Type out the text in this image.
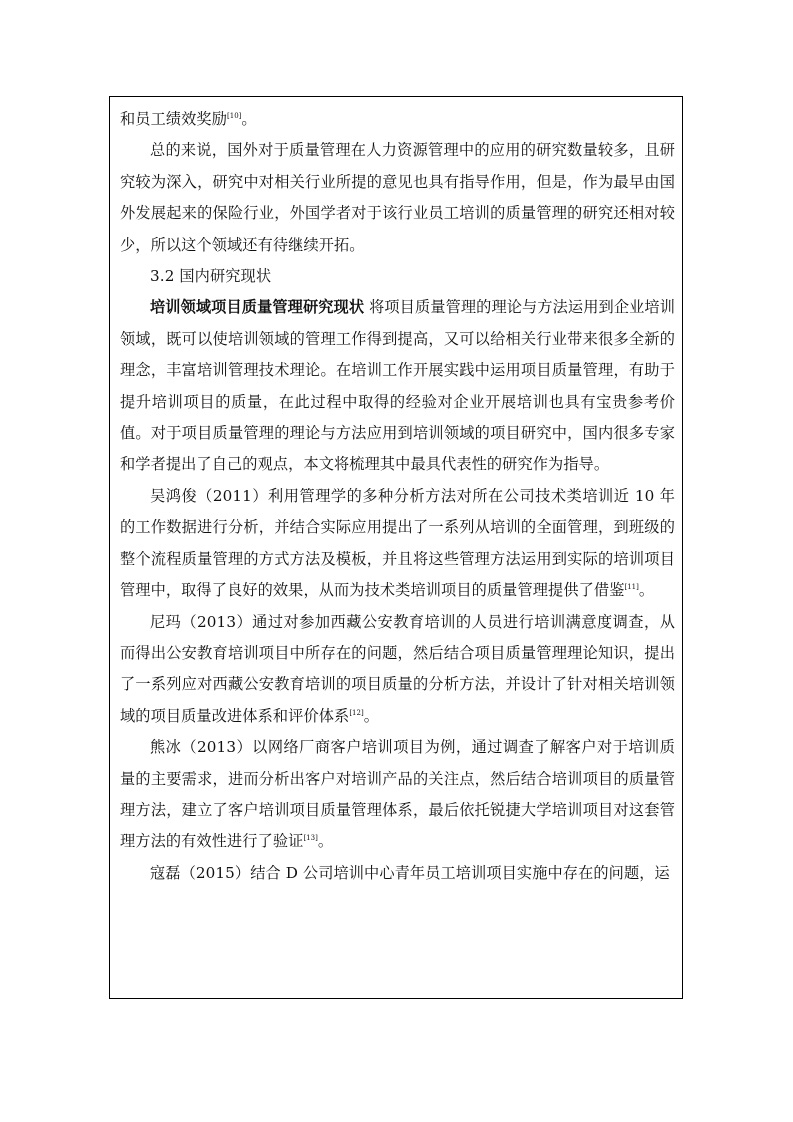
和员工绩效奖励[10]。

总的来说，国外对于质量管理在人力资源管理中的应用的研究数量较多，且研究较为深入，研究中对相关行业所提的意见也具有指导作用，但是，作为最早由国外发展起来的保险行业，外国学者对于该行业员工培训的质量管理的研究还相对较少，所以这个领域还有待继续开拓。

3.2 国内研究现状

培训领域项目质量管理研究现状 将项目质量管理的理论与方法运用到企业培训领域，既可以使培训领域的管理工作得到提高，又可以给相关行业带来很多全新的理念，丰富培训管理技术理论。在培训工作开展实践中运用项目质量管理，有助于提升培训项目的质量，在此过程中取得的经验对企业开展培训也具有宝贵参考价值。对于项目质量管理的理论与方法应用到培训领域的项目研究中，国内很多专家和学者提出了自己的观点，本文将梳理其中最具代表性的研究作为指导。

吴鸿俊（2011）利用管理学的多种分析方法对所在公司技术类培训近 10 年的工作数据进行分析，并结合实际应用提出了一系列从培训的全面管理，到班级的整个流程质量管理的方式方法及模板，并且将这些管理方法运用到实际的培训项目管理中，取得了良好的效果，从而为技术类培训项目的质量管理提供了借鉴[11]。

尼玛（2013）通过对参加西藏公安教育培训的人员进行培训满意度调查，从而得出公安教育培训项目中所存在的问题，然后结合项目质量管理理论知识，提出了一系列应对西藏公安教育培训的项目质量的分析方法，并设计了针对相关培训领域的项目质量改进体系和评价体系[12]。

熊冰（2013）以网络厂商客户培训项目为例，通过调查了解客户对于培训质量的主要需求，进而分析出客户对培训产品的关注点，然后结合培训项目的质量管理方法，建立了客户培训项目质量管理体系，最后依托锐捷大学培训项目对这套管理方法的有效性进行了验证[13]。

寇磊（2015）结合 D 公司培训中心青年员工培训项目实施中存在的问题，运
